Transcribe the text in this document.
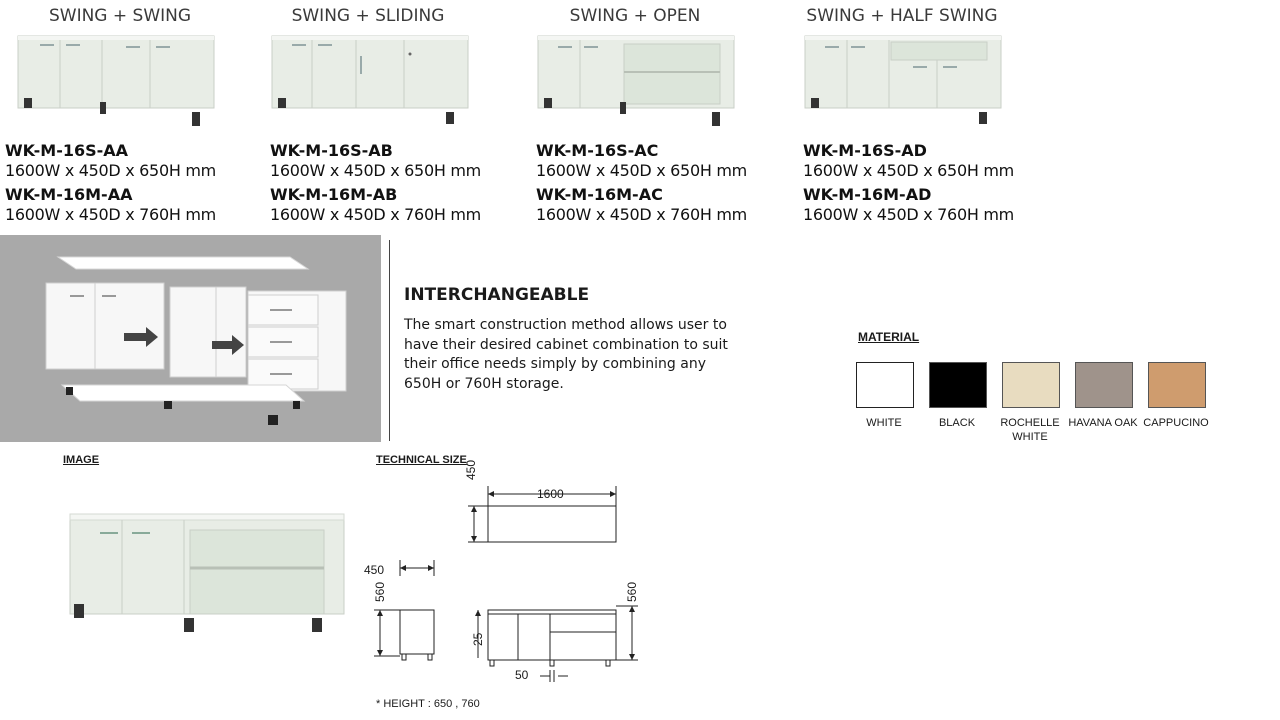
SWING + SWING
WK-M-16S-AA
1600W x 450D x 650H mm
WK-M-16M-AA
1600W x 450D x 760H mm
SWING + SLIDING
WK-M-16S-AB
1600W x 450D x 650H mm
WK-M-16M-AB
1600W x 450D x 760H mm
SWING + OPEN
WK-M-16S-AC
1600W x 450D x 650H mm
WK-M-16M-AC
1600W x 450D x 760H mm
SWING + HALF SWING
WK-M-16S-AD
1600W x 450D x 650H mm
WK-M-16M-AD
1600W x 450D x 760H mm
INTERCHANGEABLE
The smart construction method allows user to have their desired cabinet combination to suit their office needs simply by combining any 650H or 760H storage.
MATERIAL
WHITE	BLACK	ROCHELLE WHITE
HAVANA OAK CAPPUCINO
IMAGE	TECHNICAL SIZE
1600
450
450
560	560
25
50
* HEIGHT : 650 , 760
